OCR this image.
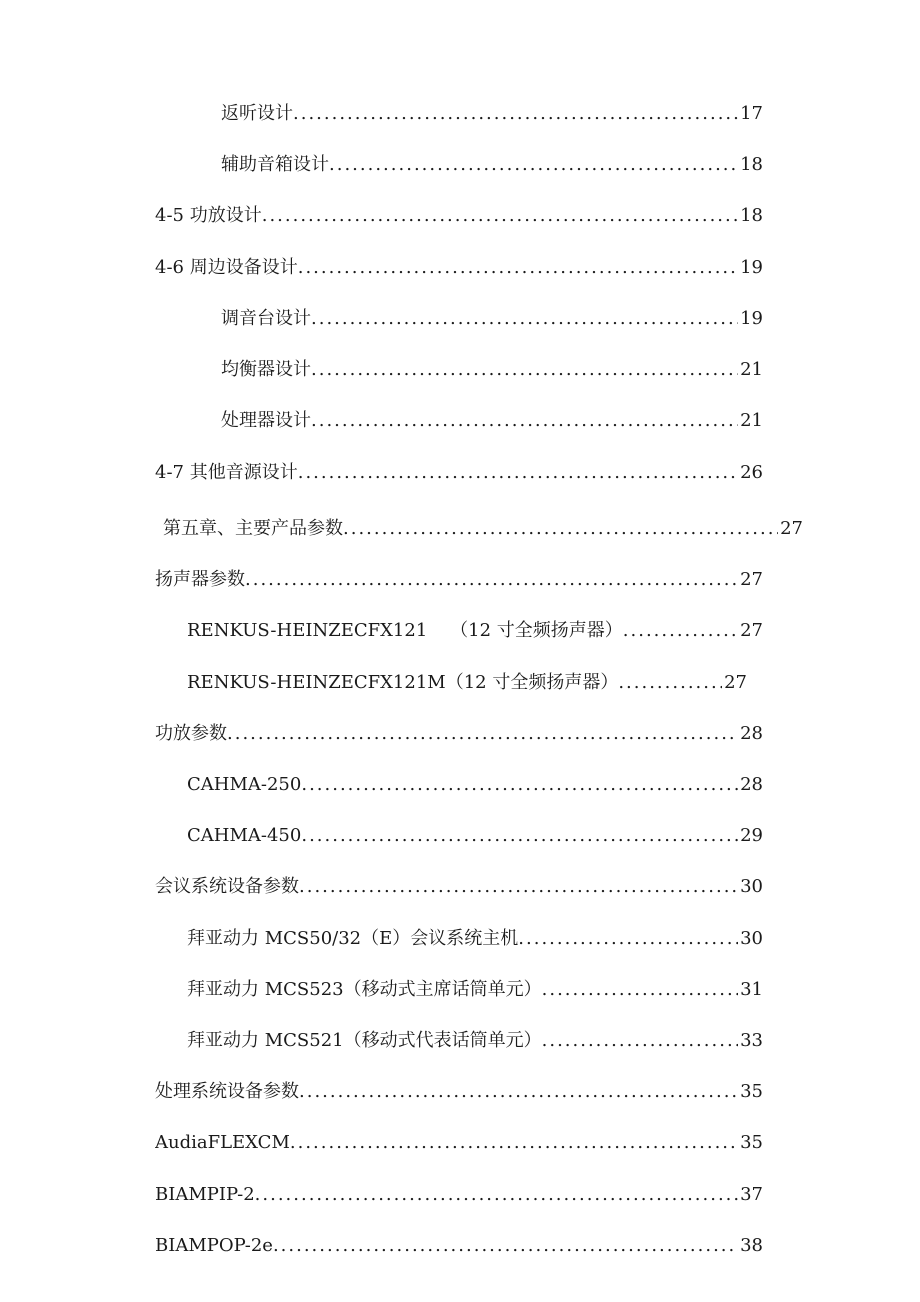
返听设计 .....	17
辅助音箱设计 .....	18
4-5 功放设计 .....	18
4-6 周边设备设计 .....	19
调音台设计 .....	19
均衡器设计 .....	21
处理器设计 .....	21
4-7 其他音源设计 .....	26
第五章、主要产品参数 .....	27
扬声器参数 .....	27
RENKUS-HEINZECFX121    （12 寸全频扬声器） .....	27
RENKUS-HEINZECFX121M（12 寸全频扬声器） .....	27
功放参数 .....	28
CAHMA-250 .....	28
CAHMA-450 .....	29
会议系统设备参数 .....	30
拜亚动力 MCS50/32（E）会议系统主机 .....	30
拜亚动力 MCS523（移动式主席话筒单元） .....	31
拜亚动力 MCS521（移动式代表话筒单元） .....	33
处理系统设备参数 .....	35
AudiaFLEXCM .....	35
BIAMPIP-2 .....	37
BIAMPOP-2e .....	38
